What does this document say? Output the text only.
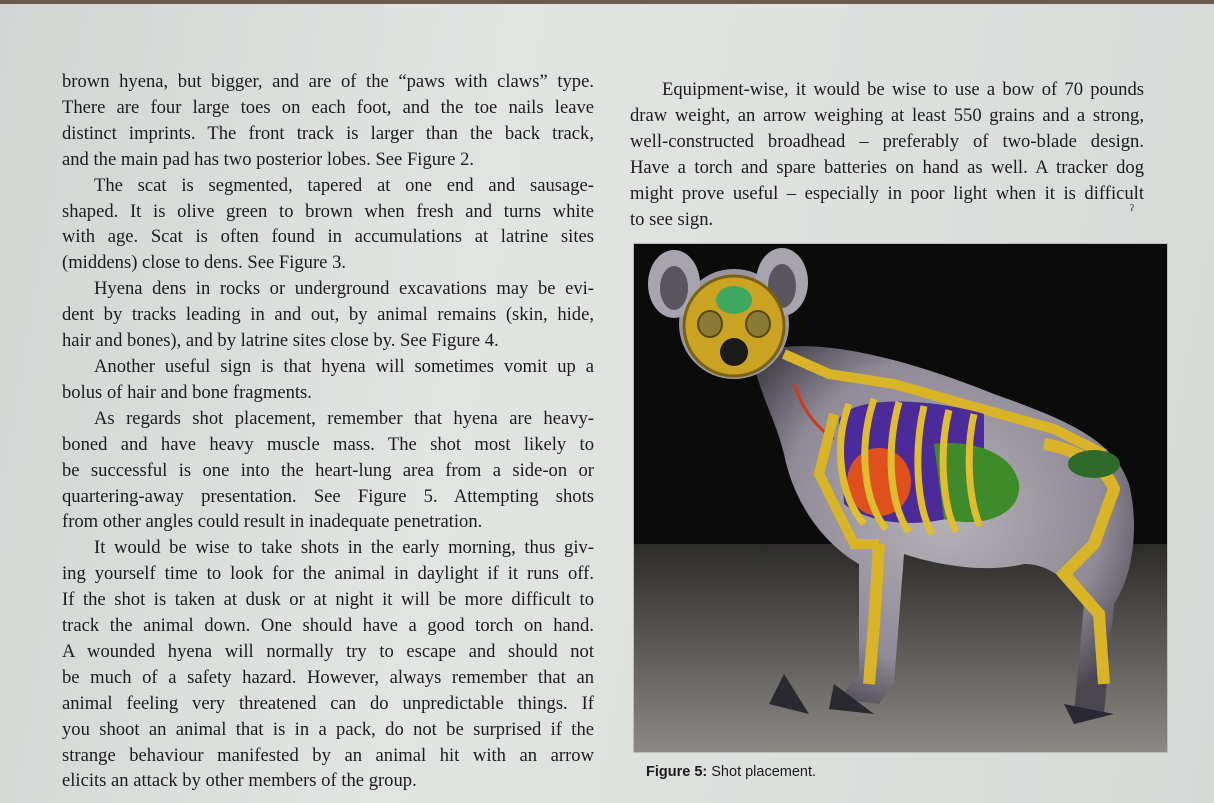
brown hyena, but bigger, and are of the “paws with claws” type.
There are four large toes on each foot, and the toe nails leave
distinct imprints. The front track is larger than the back track,
and the main pad has two posterior lobes. See Figure 2.
The scat is segmented, tapered at one end and sausage-
shaped. It is olive green to brown when fresh and turns white
with age. Scat is often found in accumulations at latrine sites
(middens) close to dens. See Figure 3.
Hyena dens in rocks or underground excavations may be evi-
dent by tracks leading in and out, by animal remains (skin, hide,
hair and bones), and by latrine sites close by. See Figure 4.
Another useful sign is that hyena will sometimes vomit up a
bolus of hair and bone fragments.
As regards shot placement, remember that hyena are heavy-
boned and have heavy muscle mass. The shot most likely to
be successful is one into the heart-lung area from a side-on or
quartering-away presentation. See Figure 5. Attempting shots
from other angles could result in inadequate penetration.
It would be wise to take shots in the early morning, thus giv-
ing yourself time to look for the animal in daylight if it runs off.
If the shot is taken at dusk or at night it will be more difficult to
track the animal down. One should have a good torch on hand.
A wounded hyena will normally try to escape and should not
be much of a safety hazard. However, always remember that an
animal feeling very threatened can do unpredictable things. If
you shoot an animal that is in a pack, do not be surprised if the
strange behaviour manifested by an animal hit with an arrow
elicits an attack by other members of the group.
Equipment-wise, it would be wise to use a bow of 70 pounds
draw weight, an arrow weighing at least 550 grains and a strong,
well-constructed broadhead – preferably of two-blade design.
Have a torch and spare batteries on hand as well. A tracker dog
might prove useful – especially in poor light when it is difficult
to see sign.	ˀ
Figure 5: Shot placement.
